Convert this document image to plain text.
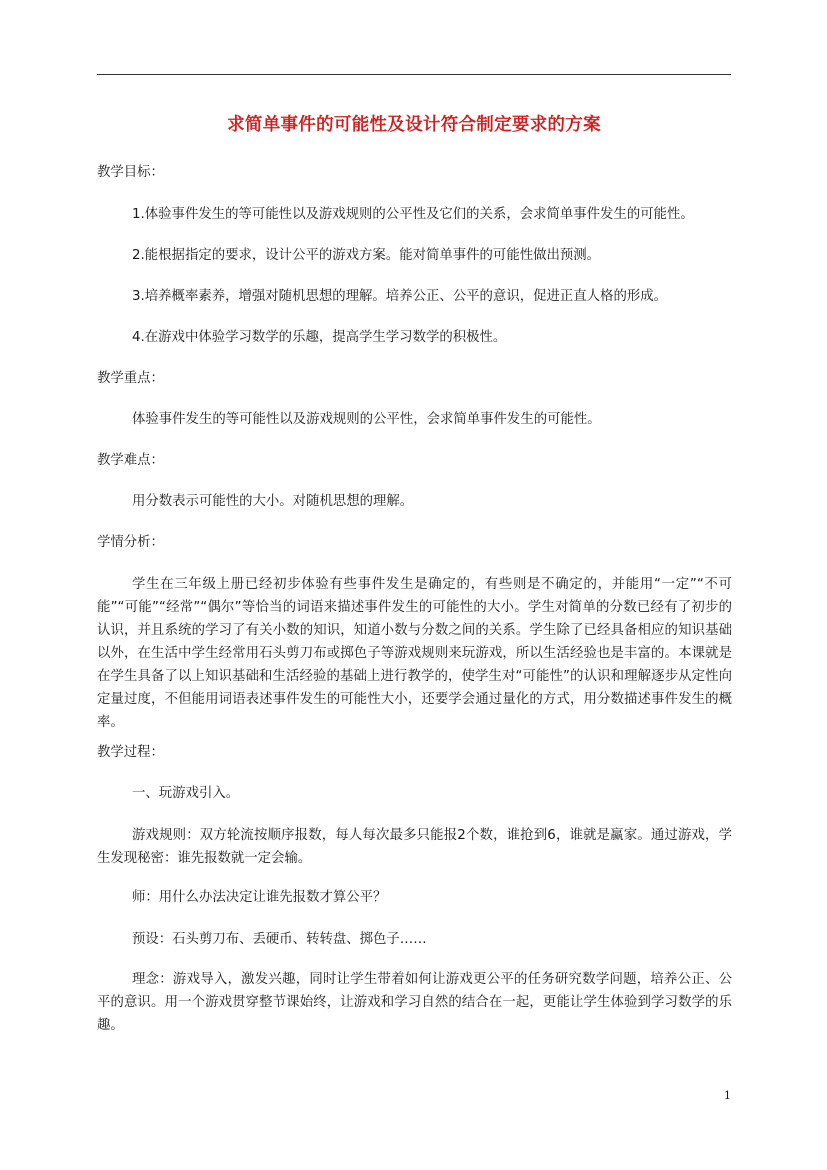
求简单事件的可能性及设计符合制定要求的方案
教学目标：
1.体验事件发生的等可能性以及游戏规则的公平性及它们的关系，会求简单事件发生的可能性。
2.能根据指定的要求，设计公平的游戏方案。能对简单事件的可能性做出预测。
3.培养概率素养，增强对随机思想的理解。培养公正、公平的意识，促进正直人格的形成。
4.在游戏中体验学习数学的乐趣，提高学生学习数学的积极性。
教学重点：
体验事件发生的等可能性以及游戏规则的公平性，会求简单事件发生的可能性。
教学难点：
用分数表示可能性的大小。对随机思想的理解。
学情分析：
学生在三年级上册已经初步体验有些事件发生是确定的，有些则是不确定的，并能用“一定”“不可能”“可能”“经常”“偶尔”等恰当的词语来描述事件发生的可能性的大小。学生对简单的分数已经有了初步的认识，并且系统的学习了有关小数的知识，知道小数与分数之间的关系。学生除了已经具备相应的知识基础以外，在生活中学生经常用石头剪刀布或掷色子等游戏规则来玩游戏，所以生活经验也是丰富的。本课就是在学生具备了以上知识基础和生活经验的基础上进行教学的，使学生对“可能性”的认识和理解逐步从定性向定量过度，不但能用词语表述事件发生的可能性大小，还要学会通过量化的方式，用分数描述事件发生的概率。
教学过程：
一、玩游戏引入。
游戏规则：双方轮流按顺序报数，每人每次最多只能报2个数，谁抢到6，谁就是赢家。通过游戏，学生发现秘密：谁先报数就一定会输。
师：用什么办法决定让谁先报数才算公平？
预设：石头剪刀布、丢硬币、转转盘、掷色子……
理念：游戏导入，激发兴趣，同时让学生带着如何让游戏更公平的任务研究数学问题，培养公正、公平的意识。用一个游戏贯穿整节课始终，让游戏和学习自然的结合在一起，更能让学生体验到学习数学的乐趣。
1
